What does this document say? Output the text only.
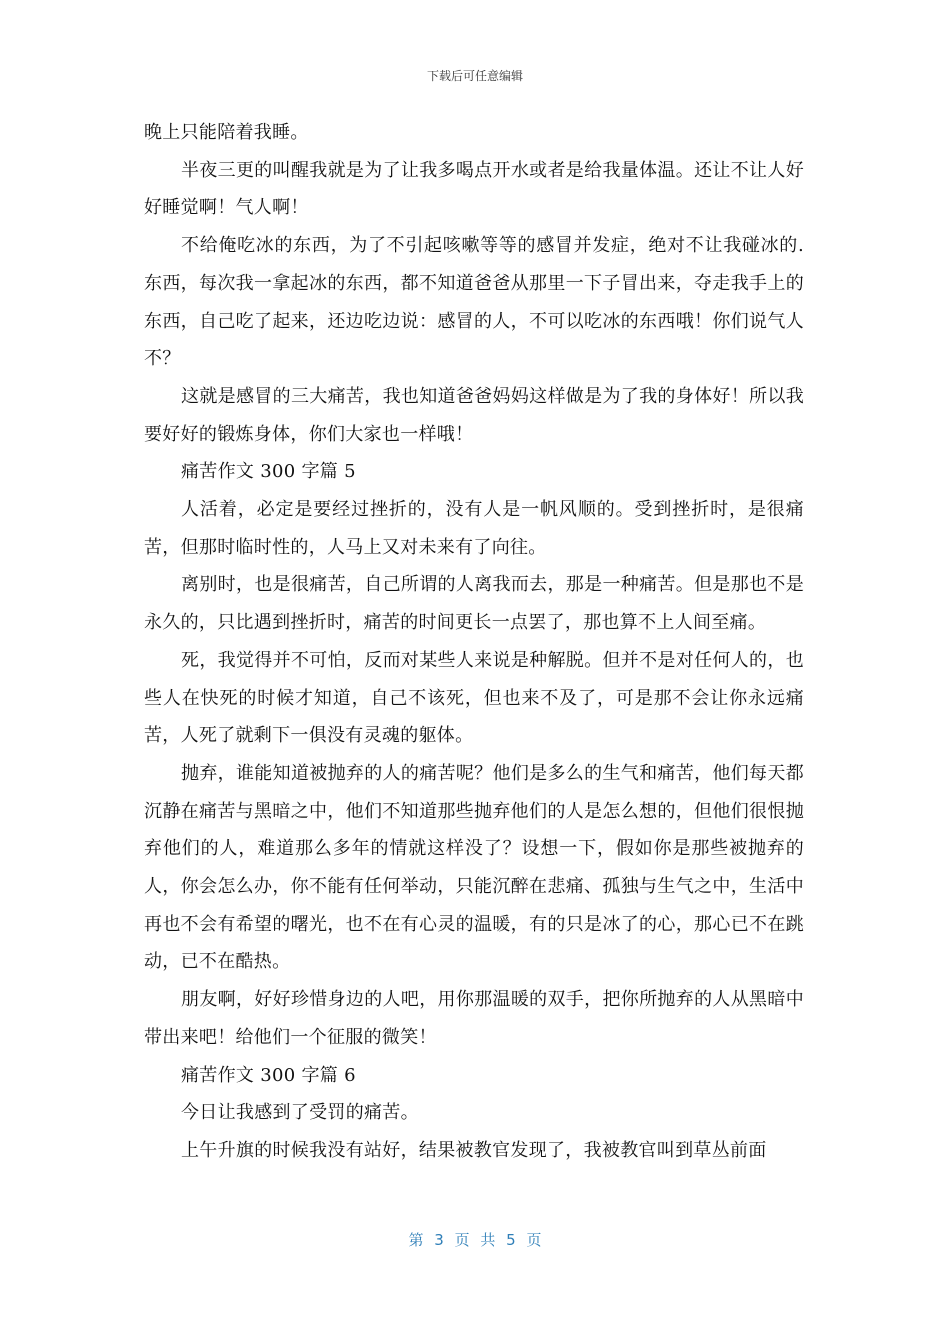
下载后可任意编辑

晚上只能陪着我睡。

半夜三更的叫醒我就是为了让我多喝点开水或者是给我量体温。还让不让人好好睡觉啊！气人啊！

不给俺吃冰的东西，为了不引起咳嗽等等的感冒并发症，绝对不让我碰冰的.东西，每次我一拿起冰的东西，都不知道爸爸从那里一下子冒出来，夺走我手上的东西，自己吃了起来，还边吃边说：感冒的人，不可以吃冰的东西哦！你们说气人不？

这就是感冒的三大痛苦，我也知道爸爸妈妈这样做是为了我的身体好！所以我要好好的锻炼身体，你们大家也一样哦！

痛苦作文 300 字篇 5

人活着，必定是要经过挫折的，没有人是一帆风顺的。受到挫折时，是很痛苦，但那时临时性的，人马上又对未来有了向往。

离别时，也是很痛苦，自己所谓的人离我而去，那是一种痛苦。但是那也不是永久的，只比遇到挫折时，痛苦的时间更长一点罢了，那也算不上人间至痛。

死，我觉得并不可怕，反而对某些人来说是种解脱。但并不是对任何人的，也些人在快死的时候才知道，自己不该死，但也来不及了，可是那不会让你永远痛苦，人死了就剩下一俱没有灵魂的躯体。

抛弃，谁能知道被抛弃的人的痛苦呢？他们是多么的生气和痛苦，他们每天都沉静在痛苦与黑暗之中，他们不知道那些抛弃他们的人是怎么想的，但他们很恨抛弃他们的人，难道那么多年的情就这样没了？设想一下，假如你是那些被抛弃的人，你会怎么办，你不能有任何举动，只能沉醉在悲痛、孤独与生气之中，生活中再也不会有希望的曙光，也不在有心灵的温暖，有的只是冰了的心，那心已不在跳动，已不在酷热。

朋友啊，好好珍惜身边的人吧，用你那温暖的双手，把你所抛弃的人从黑暗中带出来吧！给他们一个征服的微笑！

痛苦作文 300 字篇 6

今日让我感到了受罚的痛苦。

上午升旗的时候我没有站好，结果被教官发现了，我被教官叫到草丛前面

第 3 页 共 5 页
